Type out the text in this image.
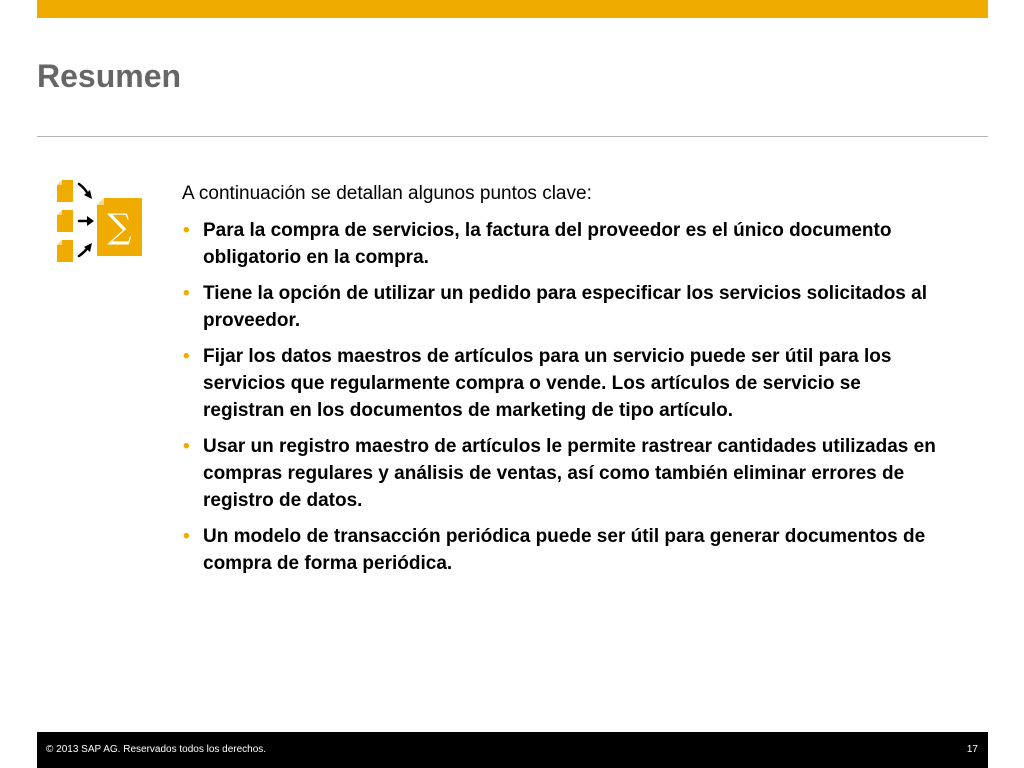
Resumen
∑

A continuación se detallan algunos puntos clave:

• Para la compra de servicios, la factura del proveedor es el único documento obligatorio en la compra.
• Tiene la opción de utilizar un pedido para especificar los servicios solicitados al proveedor.
• Fijar los datos maestros de artículos para un servicio puede ser útil para los servicios que regularmente compra o vende. Los artículos de servicio se registran en los documentos de marketing de tipo artículo.
• Usar un registro maestro de artículos le permite rastrear cantidades utilizadas en compras regulares y análisis de ventas, así como también eliminar errores de registro de datos.
• Un modelo de transacción periódica puede ser útil para generar documentos de compra de forma periódica.
© 2013 SAP AG. Reservados todos los derechos.	17
